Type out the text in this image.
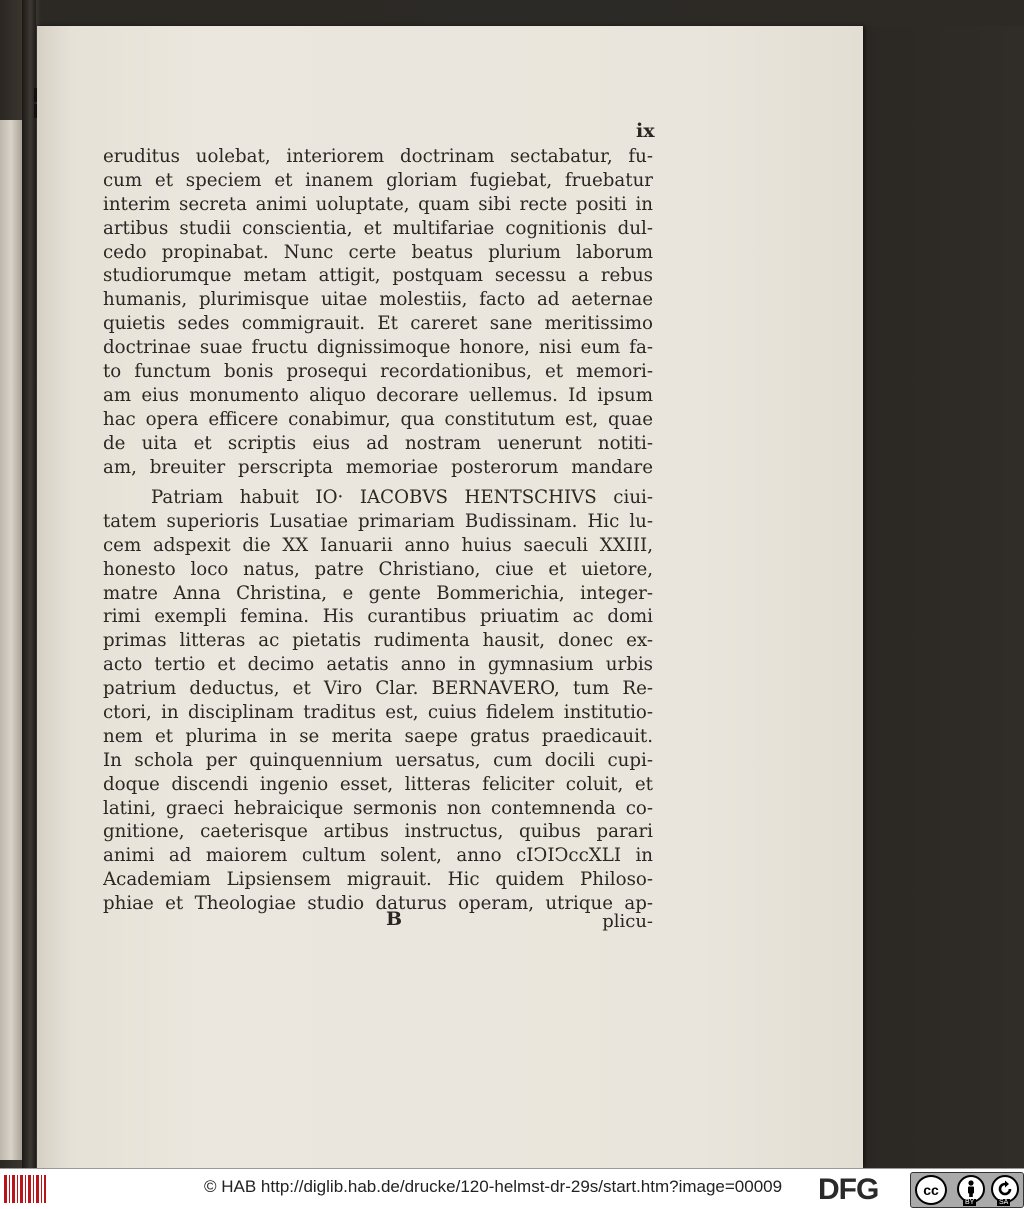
ix
eruditus uolebat, interiorem doctrinam sectabatur, fu-
cum et speciem et inanem gloriam fugiebat, fruebatur
interim secreta animi uoluptate, quam sibi recte positi in
artibus studii conscientia, et multifariae cognitionis dul-
cedo propinabat. Nunc certe beatus plurium laborum
studiorumque metam attigit, postquam secessu a rebus
humanis, plurimisque uitae molestiis, facto ad aeternae
quietis sedes commigrauit. Et careret sane meritissimo
doctrinae suae fructu dignissimoque honore, nisi eum fa-
to functum bonis prosequi recordationibus, et memori-
am eius monumento aliquo decorare uellemus. Id ipsum
hac opera efficere conabimur, qua constitutum est, quae
de uita et scriptis eius ad nostram uenerunt notiti-
am, breuiter perscripta memoriae posterorum mandare
Patriam habuit IO· IACOBVS HENTSCHIVS ciui-
tatem superioris Lusatiae primariam Budissinam. Hic lu-
cem adspexit die XX Ianuarii anno huius saeculi XXIII,
honesto loco natus, patre Christiano, ciue et uietore,
matre Anna Christina, e gente Bommerichia, integer-
rimi exempli femina. His curantibus priuatim ac domi
primas litteras ac pietatis rudimenta hausit, donec ex-
acto tertio et decimo aetatis anno in gymnasium urbis
patrium deductus, et Viro Clar. BERNAVERO, tum Re-
ctori, in disciplinam traditus est, cuius fidelem institutio-
nem et plurima in se merita saepe gratus praedicauit.
In schola per quinquennium uersatus, cum docili cupi-
doque discendi ingenio esset, litteras feliciter coluit, et
latini, graeci hebraicique sermonis non contemnenda co-
gnitione, caeterisque artibus instructus, quibus parari
animi ad maiorem cultum solent, anno cIↃIↃccXLI in
Academiam Lipsiensem migrauit. Hic quidem Philoso-
phiae et Theologiae studio daturus operam, utrique ap-
B	plicu-
© HAB http://diglib.hab.de/drucke/120-helmst-dr-29s/start.htm?image=00009 DFG	cc
BY	SA
